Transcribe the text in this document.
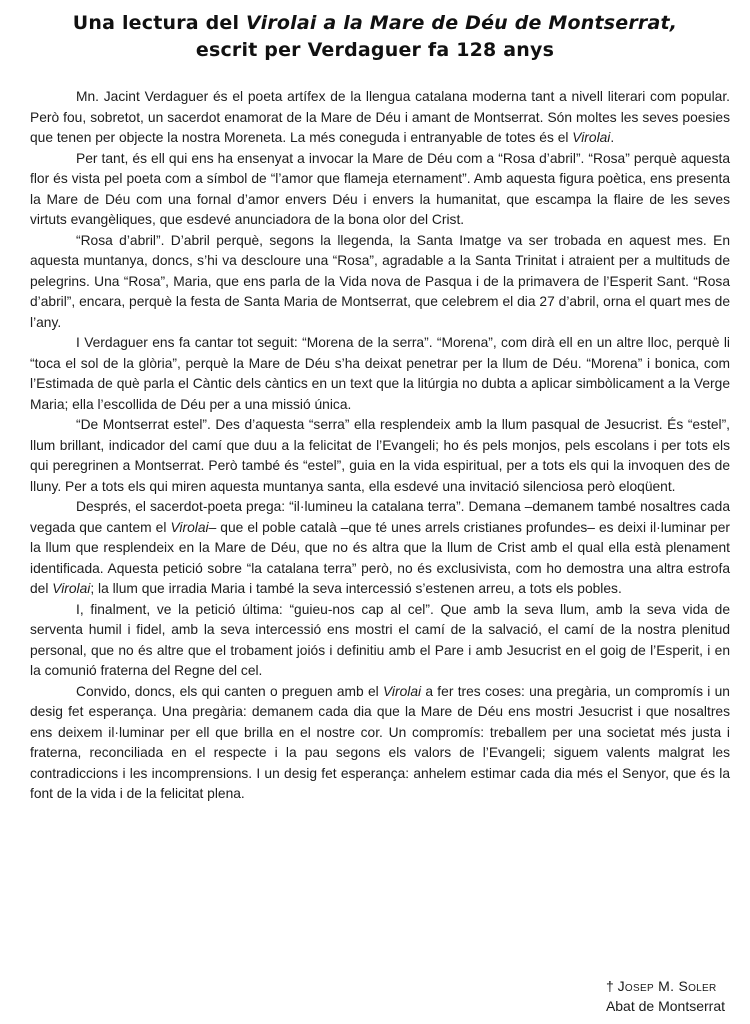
Una lectura del Virolai a la Mare de Déu de Montserrat,
escrit per Verdaguer fa 128 anys

Mn. Jacint Verdaguer és el poeta artífex de la llengua catalana moderna tant a nivell literari com popular. Però fou, sobretot, un sacerdot enamorat de la Mare de Déu i amant de Montserrat. Són moltes les seves poesies que tenen per objecte la nostra Moreneta. La més coneguda i entranyable de totes és el Virolai.

Per tant, és ell qui ens ha ensenyat a invocar la Mare de Déu com a “Rosa d’abril”. “Rosa” perquè aquesta flor és vista pel poeta com a símbol de “l’amor que flameja eternament”. Amb aquesta figura poètica, ens presenta la Mare de Déu com una fornal d’amor envers Déu i envers la humanitat, que escampa la flaire de les seves virtuts evangèliques, que esdevé anunciadora de la bona olor del Crist.

“Rosa d’abril”. D’abril perquè, segons la llegenda, la Santa Imatge va ser trobada en aquest mes. En aquesta muntanya, doncs, s’hi va descloure una “Rosa”, agradable a la Santa Trinitat i atraient per a multituds de pelegrins. Una “Rosa”, Maria, que ens parla de la Vida nova de Pasqua i de la primavera de l’Esperit Sant. “Rosa d’abril”, encara, perquè la festa de Santa Maria de Montserrat, que celebrem el dia 27 d’abril, orna el quart mes de l’any.

I Verdaguer ens fa cantar tot seguit: “Morena de la serra”. “Morena”, com dirà ell en un altre lloc, perquè li “toca el sol de la glòria”, perquè la Mare de Déu s’ha deixat penetrar per la llum de Déu. “Morena” i bonica, com l’Estimada de què parla el Càntic dels càntics en un text que la litúrgia no dubta a aplicar simbòlicament a la Verge Maria; ella l’escollida de Déu per a una missió única.

“De Montserrat estel”. Des d’aquesta “serra” ella resplendeix amb la llum pasqual de Jesucrist. És “estel”, llum brillant, indicador del camí que duu a la felicitat de l’Evangeli; ho és pels monjos, pels escolans i per tots els qui peregrinen a Montserrat. Però també és “estel”, guia en la vida espiritual, per a tots els qui la invoquen des de lluny. Per a tots els qui miren aquesta muntanya santa, ella esdevé una invitació silenciosa però eloqüent.

Després, el sacerdot-poeta prega: “il·lumineu la catalana terra”. Demana –demanem també nosaltres cada vegada que cantem el Virolai– que el poble català –que té unes arrels cristianes profundes– es deixi il·luminar per la llum que resplendeix en la Mare de Déu, que no és altra que la llum de Crist amb el qual ella està plenament identificada. Aquesta petició sobre “la catalana terra” però, no és exclusivista, com ho demostra una altra estrofa del Virolai; la llum que irradia Maria i també la seva intercessió s’estenen arreu, a tots els pobles.

I, finalment, ve la petició última: “guieu-nos cap al cel”. Que amb la seva llum, amb la seva vida de serventa humil i fidel, amb la seva intercessió ens mostri el camí de la salvació, el camí de la nostra plenitud personal, que no és altre que el trobament joiós i definitiu amb el Pare i amb Jesucrist en el goig de l’Esperit, i en la comunió fraterna del Regne del cel.

Convido, doncs, els qui canten o preguen amb el Virolai a fer tres coses: una pregària, un compromís i un desig fet esperança. Una pregària: demanem cada dia que la Mare de Déu ens mostri Jesucrist i que nosaltres ens deixem il·luminar per ell que brilla en el nostre cor. Un compromís: treballem per una societat més justa i fraterna, reconciliada en el respecte i la pau segons els valors de l’Evangeli; siguem valents malgrat les contradiccions i les incomprensions. I un desig fet esperança: anhelem estimar cada dia més el Senyor, que és la font de la vida i de la felicitat plena.

† Josep M. Soler
Abat de Montserrat
